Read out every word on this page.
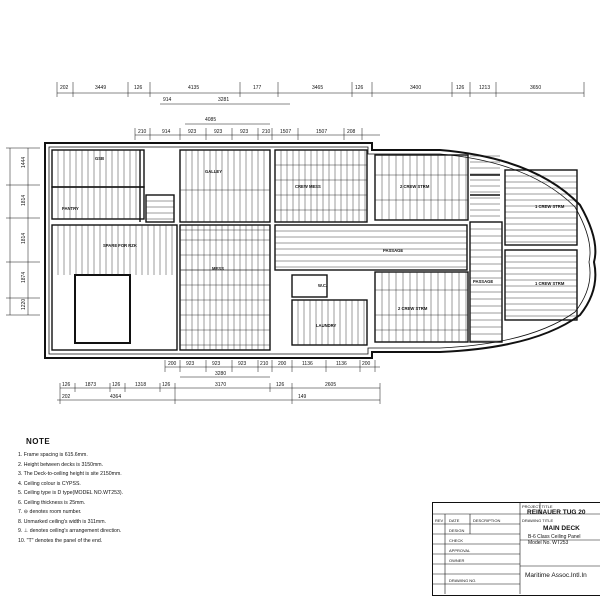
202	3449	126	4135	177	3465	126	3400	126	1213	3650
914	3281
4085
210	914	923	923	923	210 1507	1507	208
1444
1814
1814
1874
1220
GSB
PANTRY
GALLEY
MESS
SPARE FOR RZK
CREW MESS
PASSAGE
PASSAGE
W.C.
LAUNDRY
2 CREW STRM
2 CREW STRM
1 CREW STRM
1 CREW STRM
200 923	923	923	210 200	1136	1136	200
3280
126	1873	126	1318	126	3170	126	2605
202	4364	149
NOTE
1. Frame spacing is 615.6mm.
2. Height between decks is 3150mm.
3. The Deck-to-ceiling height is site 2150mm.
4. Ceiling colour is CYPSS.
5. Ceiling type is D type(MODEL NO.WT253).
6. Ceiling thickness is 25mm.
7. ⊖ denotes room number.
8. Unmarked ceiling's width is 311mm.
9. ⊥ denotes ceiling's arrangement direction.
10. "T" denotes the panel of the end.
PROJECT TITLE
REINAUER TUG 20
DRAWING TITLE
MAIN DECK
B-6 Class Ceiling Panel
Model No. WT253
Maritime Assoc.Intl.In
REV DATE	DESCRIPTION
DESIGN
CHECK
APPROVAL
OWNER
DRAWING NO.
